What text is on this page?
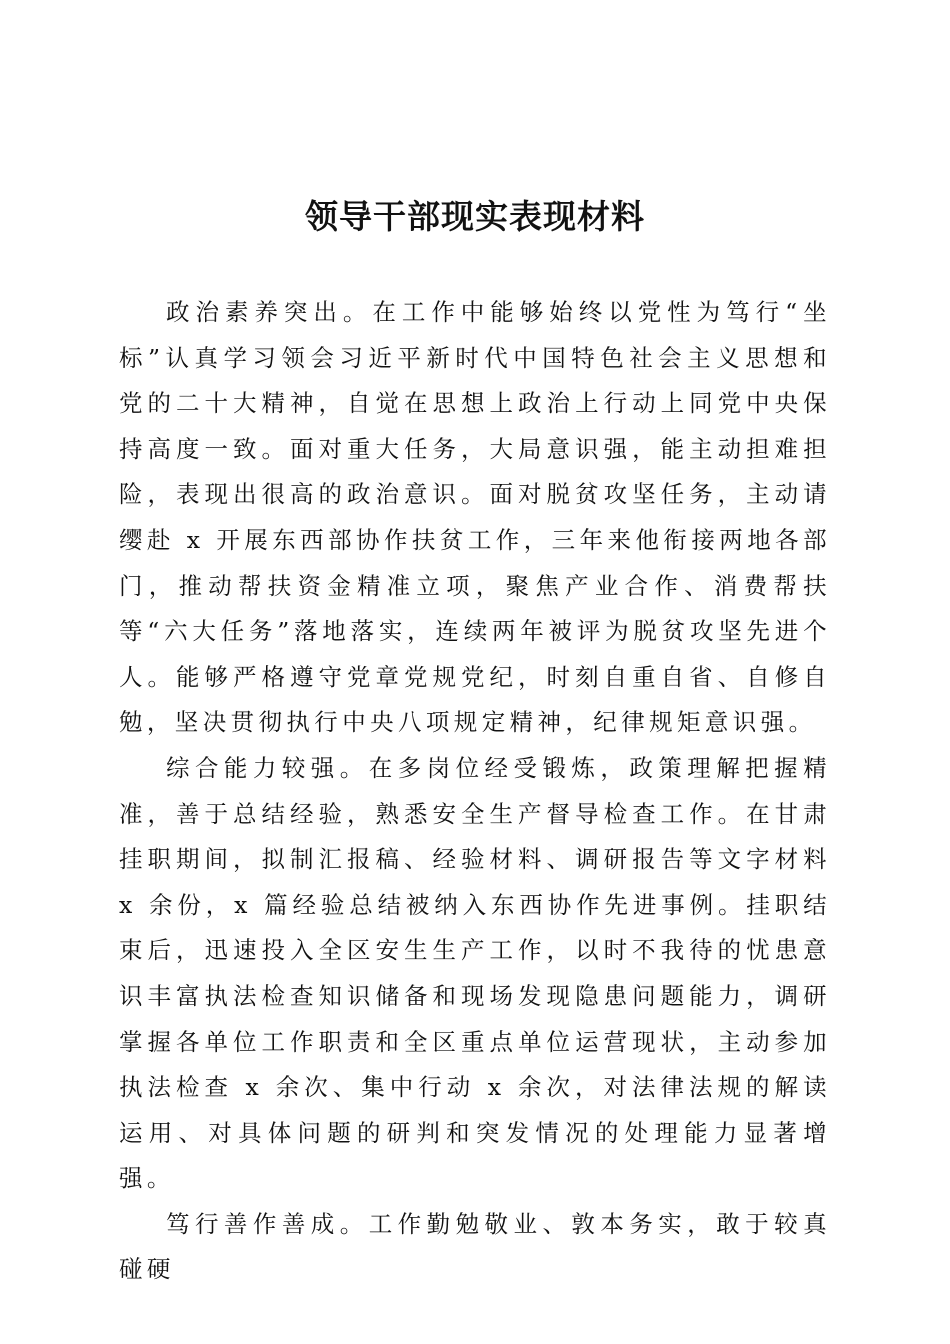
领导干部现实表现材料

政治素养突出。在工作中能够始终以党性为笃行“坐标”认真学习领会习近平新时代中国特色社会主义思想和党的二十大精神，自觉在思想上政治上行动上同党中央保持高度一致。面对重大任务，大局意识强，能主动担难担险，表现出很高的政治意识。面对脱贫攻坚任务，主动请缨赴 x 开展东西部协作扶贫工作，三年来他衔接两地各部门，推动帮扶资金精准立项，聚焦产业合作、消费帮扶等“六大任务”落地落实，连续两年被评为脱贫攻坚先进个人。能够严格遵守党章党规党纪，时刻自重自省、自修自勉，坚决贯彻执行中央八项规定精神，纪律规矩意识强。

综合能力较强。在多岗位经受锻炼，政策理解把握精准，善于总结经验，熟悉安全生产督导检查工作。在甘肃挂职期间，拟制汇报稿、经验材料、调研报告等文字材料 x 余份，x 篇经验总结被纳入东西协作先进事例。挂职结束后，迅速投入全区安生生产工作，以时不我待的忧患意识丰富执法检查知识储备和现场发现隐患问题能力，调研掌握各单位工作职责和全区重点单位运营现状，主动参加执法检查 x 余次、集中行动 x 余次，对法律法规的解读运用、对具体问题的研判和突发情况的处理能力显著增强。

笃行善作善成。工作勤勉敬业、敦本务实，敢于较真碰硬
